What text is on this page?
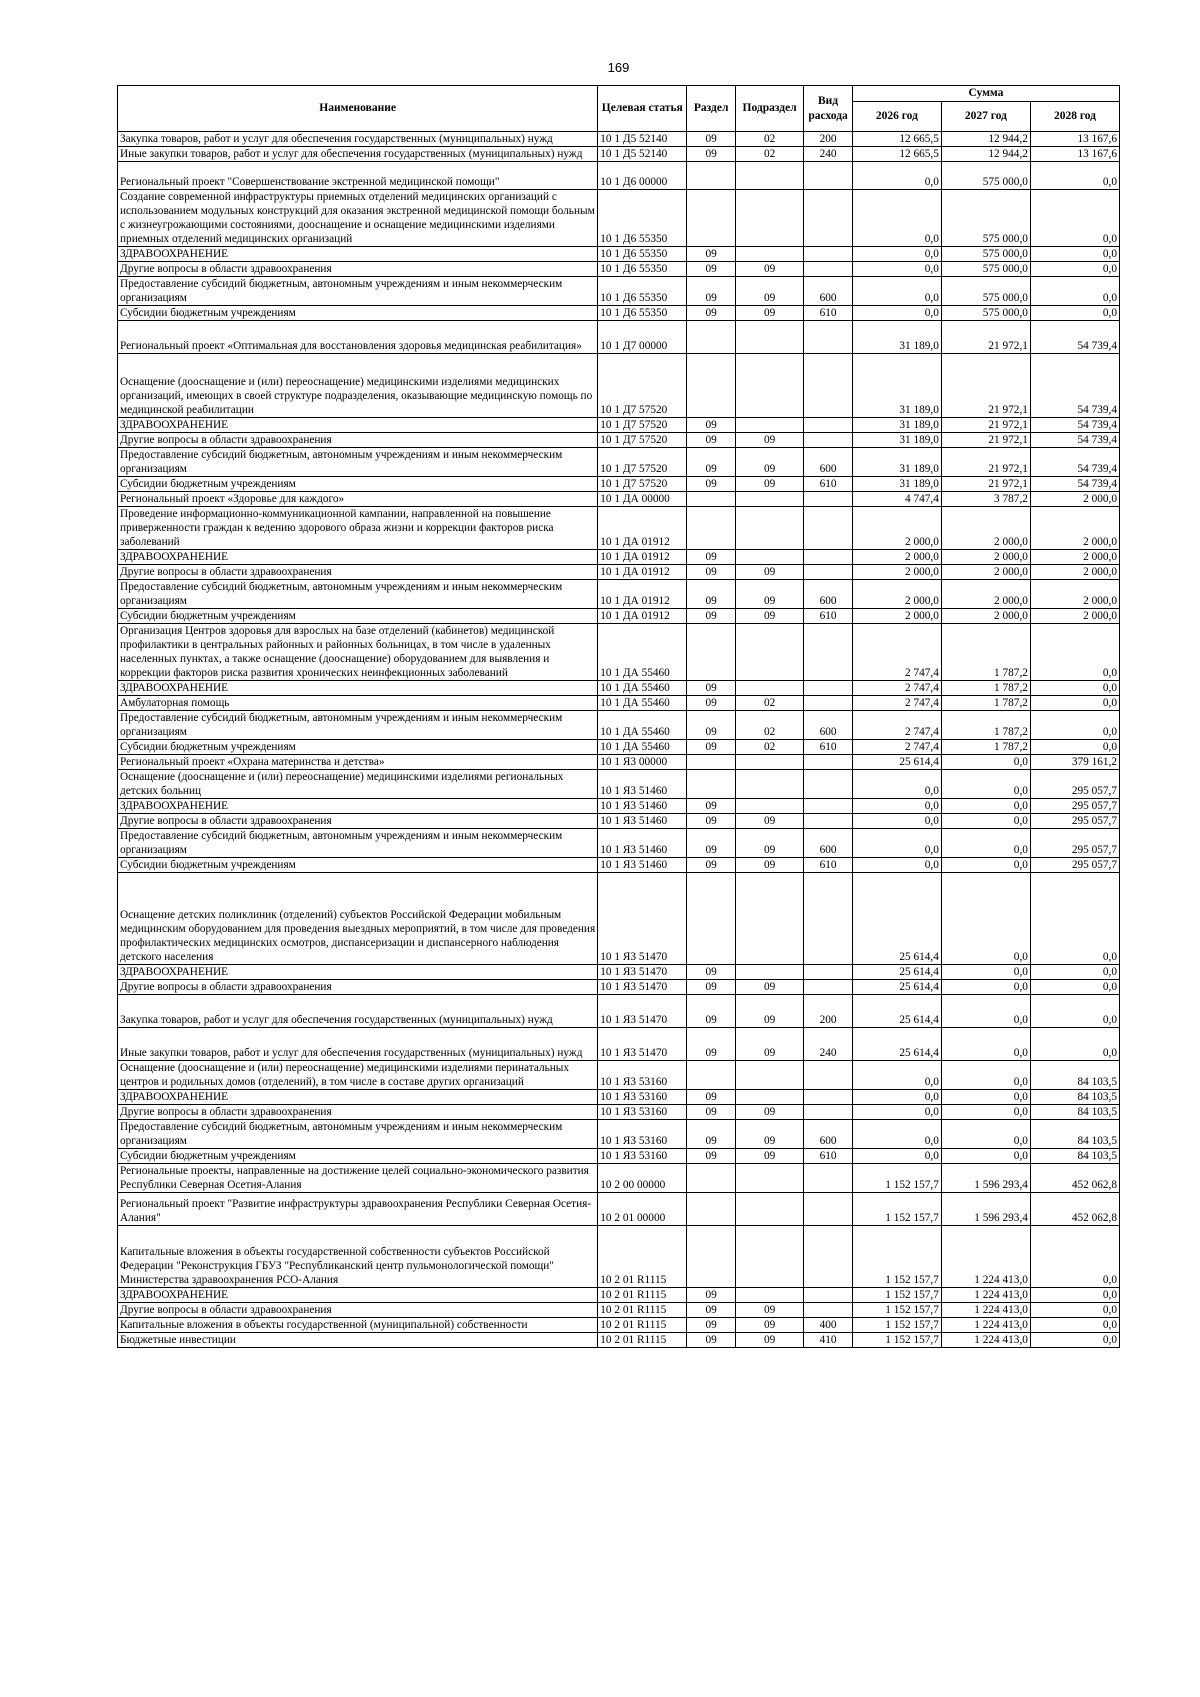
169
Наименование	Целевая статья	Раздел	Подраздел	Вид расхода	Сумма		
					2026 год	2027 год	2028 год
Закупка товаров, работ и услуг для обеспечения государственных (муниципальных) нужд	10 1 Д5 52140	09	02	200	12 665,5	12 944,2	13 167,6
Иные закупки товаров, работ и услуг для обеспечения государственных (муниципальных) нужд	10 1 Д5 52140	09	02	240	12 665,5	12 944,2	13 167,6
Региональный проект "Совершенствование экстренной медицинской помощи"	10 1 Д6 00000				0,0	575 000,0	0,0
Создание современной инфраструктуры приемных отделений медицинских организаций с использованием модульных конструкций для оказания экстренной медицинской помощи больным с жизнеугрожающими состояниями, дооснащение и оснащение медицинскими изделиями приемных отделений медицинских организаций	10 1 Д6 55350				0,0	575 000,0	0,0
ЗДРАВООХРАНЕНИЕ	10 1 Д6 55350	09			0,0	575 000,0	0,0
Другие вопросы в области здравоохранения	10 1 Д6 55350	09	09		0,0	575 000,0	0,0
Предоставление субсидий бюджетным, автономным учреждениям и иным некоммерческим организациям	10 1 Д6 55350	09	09	600	0,0	575 000,0	0,0
Субсидии бюджетным учреждениям	10 1 Д6 55350	09	09	610	0,0	575 000,0	0,0
Региональный проект «Оптимальная для восстановления здоровья медицинская реабилитация»	10 1 Д7 00000				31 189,0	21 972,1	54 739,4
Оснащение (дооснащение и (или) переоснащение) медицинскими изделиями медицинских организаций, имеющих в своей структуре подразделения, оказывающие медицинскую помощь по медицинской реабилитации	10 1 Д7 57520				31 189,0	21 972,1	54 739,4
ЗДРАВООХРАНЕНИЕ	10 1 Д7 57520	09			31 189,0	21 972,1	54 739,4
Другие вопросы в области здравоохранения	10 1 Д7 57520	09	09		31 189,0	21 972,1	54 739,4
Предоставление субсидий бюджетным, автономным учреждениям и иным некоммерческим организациям	10 1 Д7 57520	09	09	600	31 189,0	21 972,1	54 739,4
Субсидии бюджетным учреждениям	10 1 Д7 57520	09	09	610	31 189,0	21 972,1	54 739,4
Региональный проект «Здоровье для каждого»	10 1 ДА 00000				4 747,4	3 787,2	2 000,0
Проведение информационно-коммуникационной кампании, направленной на повышение приверженности граждан к ведению здорового образа жизни и коррекции факторов риска заболеваний	10 1 ДА 01912				2 000,0	2 000,0	2 000,0
ЗДРАВООХРАНЕНИЕ	10 1 ДА 01912	09			2 000,0	2 000,0	2 000,0
Другие вопросы в области здравоохранения	10 1 ДА 01912	09	09		2 000,0	2 000,0	2 000,0
Предоставление субсидий бюджетным, автономным учреждениям и иным некоммерческим организациям	10 1 ДА 01912	09	09	600	2 000,0	2 000,0	2 000,0
Субсидии бюджетным учреждениям	10 1 ДА 01912	09	09	610	2 000,0	2 000,0	2 000,0
Организация Центров здоровья для взрослых на базе отделений (кабинетов) медицинской профилактики в центральных районных и районных больницах, в том числе в удаленных населенных пунктах, а также оснащение (дооснащение) оборудованием для выявления и коррекции факторов риска развития хронических неинфекционных заболеваний	10 1 ДА 55460				2 747,4	1 787,2	0,0
ЗДРАВООХРАНЕНИЕ	10 1 ДА 55460	09			2 747,4	1 787,2	0,0
Амбулаторная помощь	10 1 ДА 55460	09	02		2 747,4	1 787,2	0,0
Предоставление субсидий бюджетным, автономным учреждениям и иным некоммерческим организациям	10 1 ДА 55460	09	02	600	2 747,4	1 787,2	0,0
Субсидии бюджетным учреждениям	10 1 ДА 55460	09	02	610	2 747,4	1 787,2	0,0
Региональный проект «Охрана материнства и детства»	10 1 Я3 00000				25 614,4	0,0	379 161,2
Оснащение (дооснащение и (или) переоснащение) медицинскими изделиями региональных детских больниц	10 1 Я3 51460				0,0	0,0	295 057,7
ЗДРАВООХРАНЕНИЕ	10 1 Я3 51460	09			0,0	0,0	295 057,7
Другие вопросы в области здравоохранения	10 1 Я3 51460	09	09		0,0	0,0	295 057,7
Предоставление субсидий бюджетным, автономным учреждениям и иным некоммерческим организациям	10 1 Я3 51460	09	09	600	0,0	0,0	295 057,7
Субсидии бюджетным учреждениям	10 1 Я3 51460	09	09	610	0,0	0,0	295 057,7
Оснащение детских поликлиник (отделений) субъектов Российской Федерации мобильным медицинским оборудованием для проведения выездных мероприятий, в том числе для проведения профилактических медицинских осмотров, диспансеризации и диспансерного наблюдения детского населения	10 1 Я3 51470				25 614,4	0,0	0,0
ЗДРАВООХРАНЕНИЕ	10 1 Я3 51470	09			25 614,4	0,0	0,0
Другие вопросы в области здравоохранения	10 1 Я3 51470	09	09		25 614,4	0,0	0,0
Закупка товаров, работ и услуг для обеспечения государственных (муниципальных) нужд	10 1 Я3 51470	09	09	200	25 614,4	0,0	0,0
Иные закупки товаров, работ и услуг для обеспечения государственных (муниципальных) нужд	10 1 Я3 51470	09	09	240	25 614,4	0,0	0,0
Оснащение (дооснащение и (или) переоснащение) медицинскими изделиями перинатальных центров и родильных домов (отделений), в том числе в составе других организаций	10 1 Я3 53160				0,0	0,0	84 103,5
ЗДРАВООХРАНЕНИЕ	10 1 Я3 53160	09			0,0	0,0	84 103,5
Другие вопросы в области здравоохранения	10 1 Я3 53160	09	09		0,0	0,0	84 103,5
Предоставление субсидий бюджетным, автономным учреждениям и иным некоммерческим организациям	10 1 Я3 53160	09	09	600	0,0	0,0	84 103,5
Субсидии бюджетным учреждениям	10 1 Я3 53160	09	09	610	0,0	0,0	84 103,5
Региональные проекты, направленные на достижение целей социально-экономического развития Республики Северная Осетия-Алания	10 2 00 00000				1 152 157,7	1 596 293,4	452 062,8
Региональный проект "Развитие инфраструктуры здравоохранения Республики Северная Осетия-Алания"	10 2 01 00000				1 152 157,7	1 596 293,4	452 062,8
Капитальные вложения в объекты государственной собственности субъектов Российской Федерации "Реконструкция ГБУЗ "Республиканский центр пульмонологической помощи" Министерства здравоохранения РСО-Алания	10 2 01 R1115				1 152 157,7	1 224 413,0	0,0
ЗДРАВООХРАНЕНИЕ	10 2 01 R1115	09			1 152 157,7	1 224 413,0	0,0
Другие вопросы в области здравоохранения	10 2 01 R1115	09	09		1 152 157,7	1 224 413,0	0,0
Капитальные вложения в объекты государственной (муниципальной) собственности	10 2 01 R1115	09	09	400	1 152 157,7	1 224 413,0	0,0
Бюджетные инвестиции	10 2 01 R1115	09	09	410	1 152 157,7	1 224 413,0	0,0
